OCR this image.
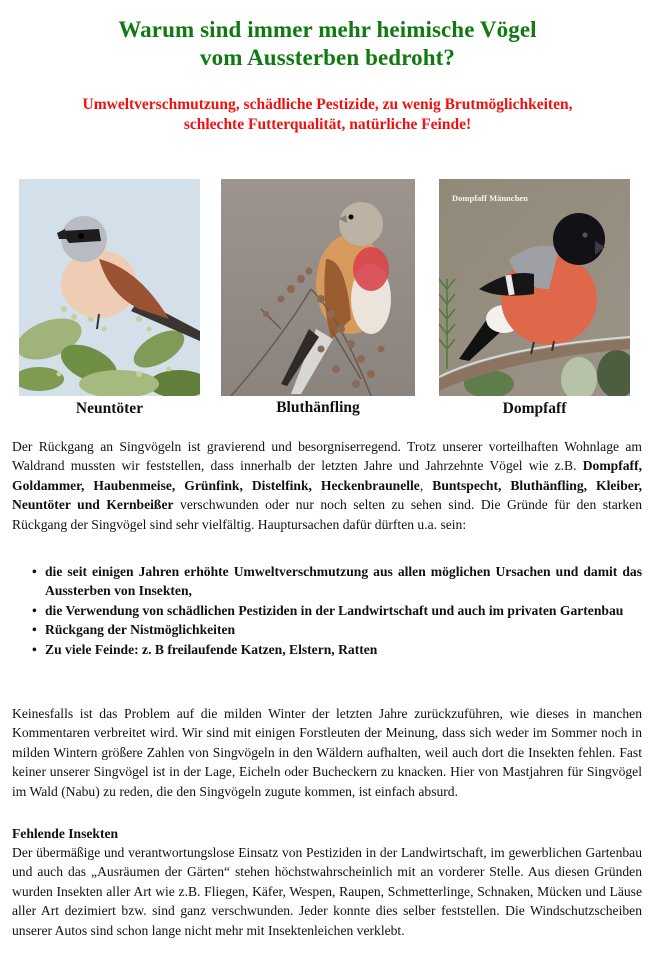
Warum sind immer mehr heimische Vögel
vom Aussterben bedroht?
Umweltverschmutzung, schädliche Pestizide, zu wenig Brutmöglichkeiten,
schlechte Futterqualität, natürliche Feinde!
Neuntöter	Bluthänfling
Dompfaff Männchen
Dompfaff

Der Rückgang an Singvögeln ist gravierend und besorgniserregend. Trotz unserer vorteilhaften Wohnlage am Waldrand mussten wir feststellen, dass innerhalb der letzten Jahre und Jahrzehnte Vögel wie z.B. Dompfaff, Goldammer, Haubenmeise, Grünfink, Distelfink, Heckenbraunelle, Buntspecht, Bluthänfling, Kleiber, Neuntöter und Kernbeißer verschwunden oder nur noch selten zu sehen sind. Die Gründe für den starken Rückgang der Singvögel sind sehr vielfältig. Hauptursachen dafür dürften u.a. sein:

• die seit einigen Jahren erhöhte Umweltverschmutzung aus allen möglichen Ursachen und damit das Aussterben von Insekten,
• die Verwendung von schädlichen Pestiziden in der Landwirtschaft und auch im privaten Gartenbau
• Rückgang der Nistmöglichkeiten
• Zu viele Feinde: z. B freilaufende Katzen, Elstern, Ratten

Keinesfalls ist das Problem auf die milden Winter der letzten Jahre zurückzuführen, wie dieses in manchen Kommentaren verbreitet wird. Wir sind mit einigen Forstleuten der Meinung, dass sich weder im Sommer noch in milden Wintern größere Zahlen von Singvögeln in den Wäldern aufhalten, weil auch dort die Insekten fehlen. Fast keiner unserer Singvögel ist in der Lage, Eicheln oder Bucheckern zu knacken. Hier von Mastjahren für Singvögel im Wald (Nabu) zu reden, die den Singvögeln zugute kommen, ist einfach absurd.

Fehlende Insekten

Der übermäßige und verantwortungslose Einsatz von Pestiziden in der Landwirtschaft, im gewerblichen Gartenbau und auch das „Ausräumen der Gärten“ stehen höchstwahrscheinlich mit an vorderer Stelle. Aus diesen Gründen wurden Insekten aller Art wie z.B. Fliegen, Käfer, Wespen, Raupen, Schmetterlinge, Schnaken, Mücken und Läuse aller Art dezimiert bzw. sind ganz verschwunden. Jeder konnte dies selber feststellen. Die Windschutzscheiben unserer Autos sind schon lange nicht mehr mit Insektenleichen verklebt.
